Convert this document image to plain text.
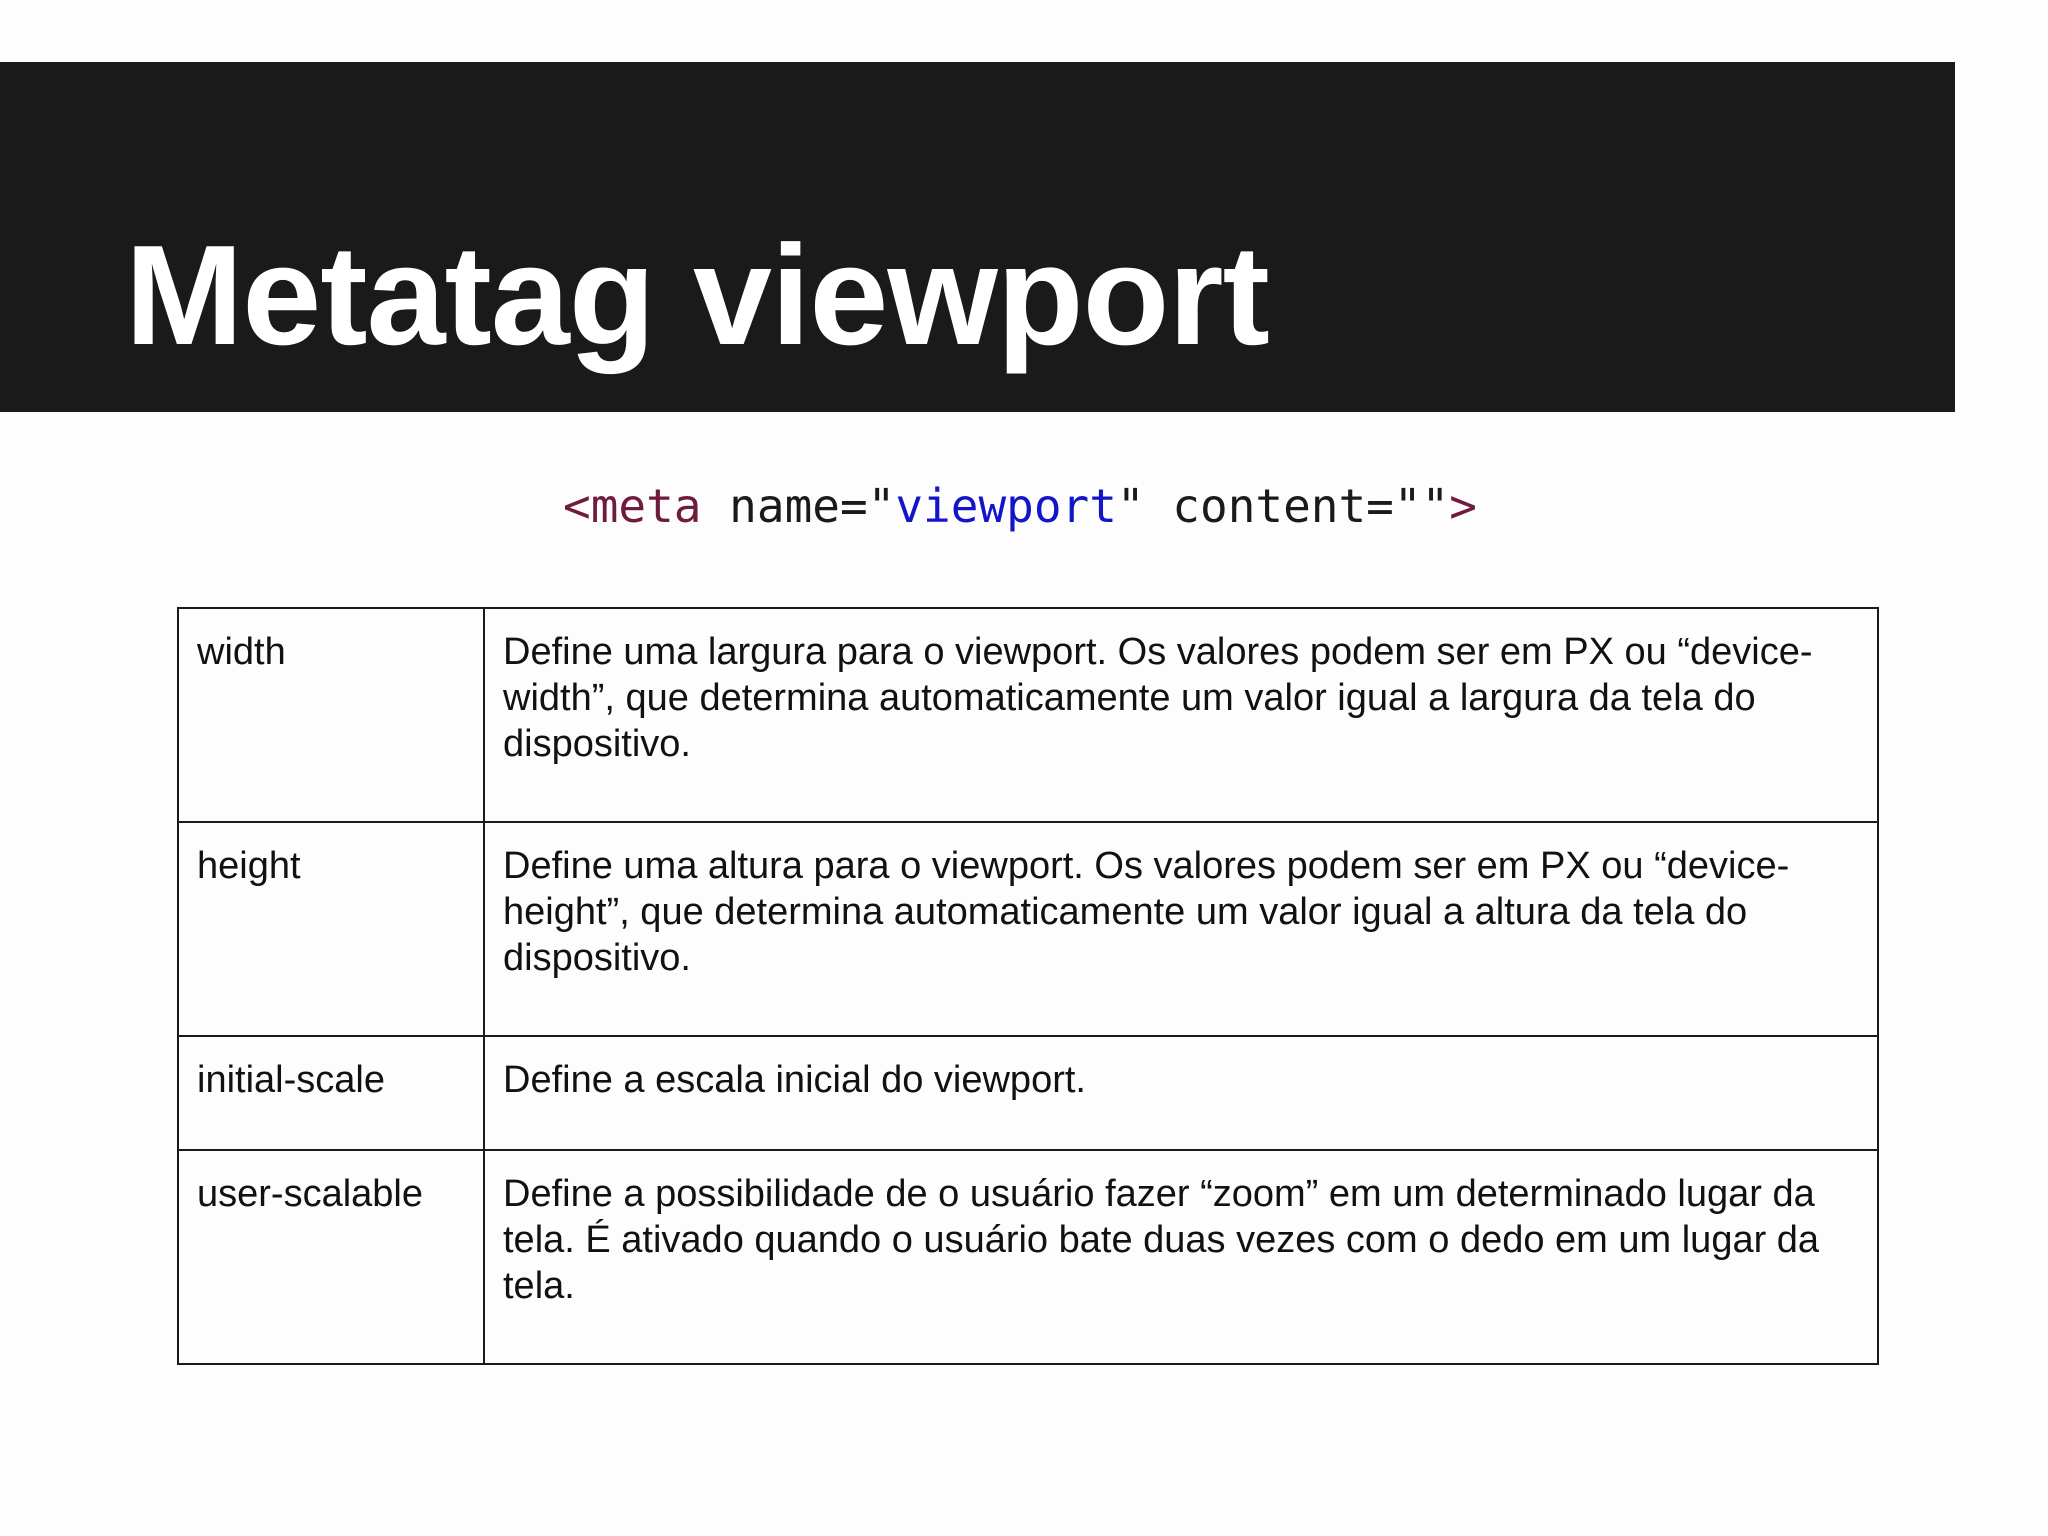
Metatag viewport
<meta name="viewport" content="">
width	Define uma largura para o viewport. Os valores podem ser em PX ou “device-width”, que determina automaticamente um valor igual a largura da tela do dispositivo.
height	Define uma altura para o viewport. Os valores podem ser em PX ou “device-height”, que determina automaticamente um valor igual a altura da tela do dispositivo.
initial-scale	Define a escala inicial do viewport.
user-scalable	Define a possibilidade de o usuário fazer “zoom” em um determinado lugar da tela. É ativado quando o usuário bate duas vezes com o dedo em um lugar da tela.
